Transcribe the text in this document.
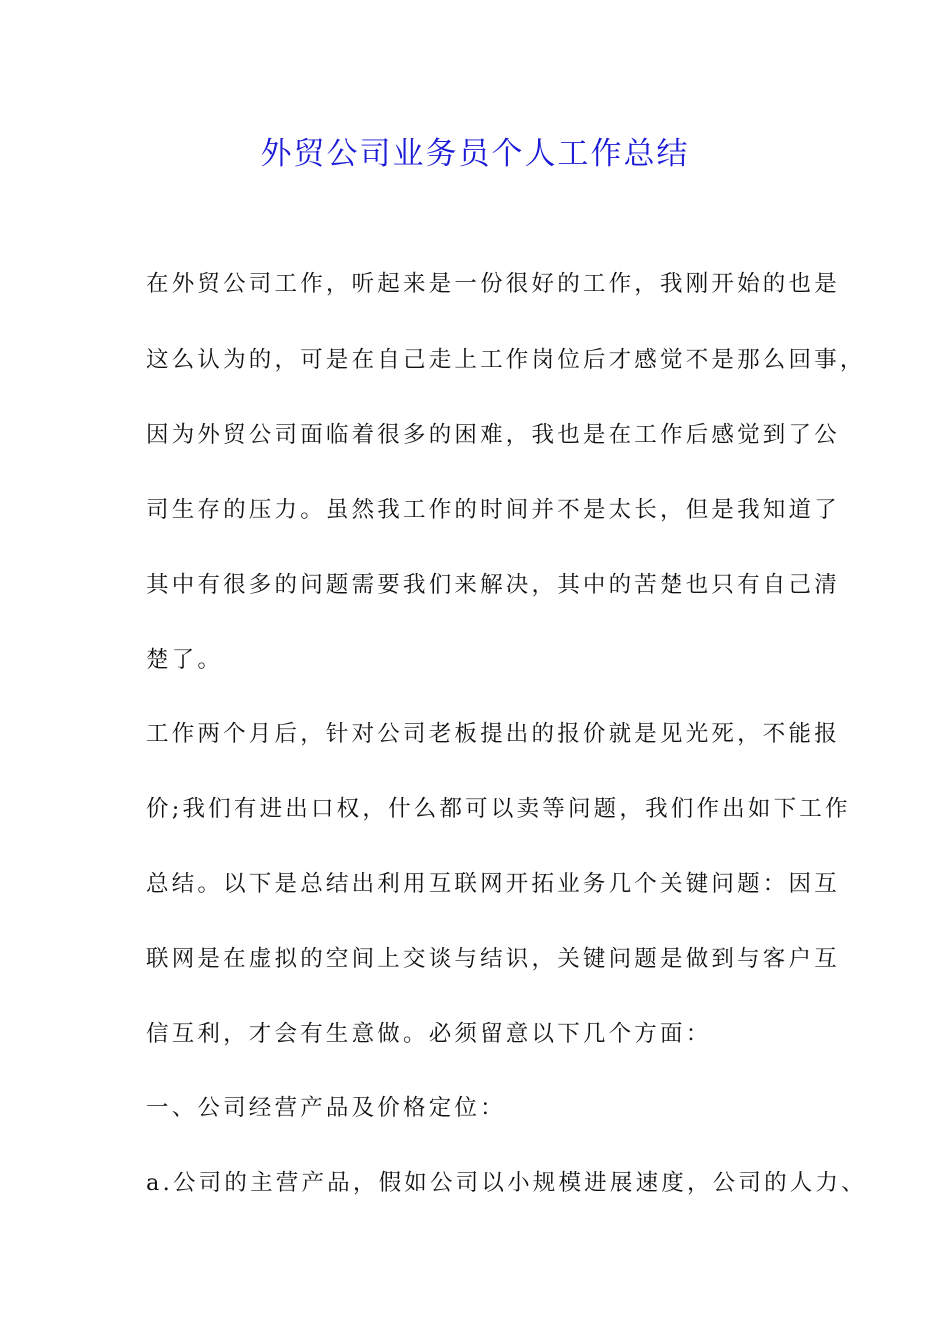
外贸公司业务员个人工作总结
在外贸公司工作，听起来是一份很好的工作，我刚开始的也是
这么认为的，可是在自己走上工作岗位后才感觉不是那么回事，
因为外贸公司面临着很多的困难，我也是在工作后感觉到了公
司生存的压力。虽然我工作的时间并不是太长，但是我知道了
其中有很多的问题需要我们来解决，其中的苦楚也只有自己清
楚了。
工作两个月后，针对公司老板提出的报价就是见光死，不能报
价;我们有进出口权，什么都可以卖等问题，我们作出如下工作
总结。以下是总结出利用互联网开拓业务几个关键问题：因互
联网是在虚拟的空间上交谈与结识，关键问题是做到与客户互
信互利，才会有生意做。必须留意以下几个方面：
一、公司经营产品及价格定位：
a.公司的主营产品，假如公司以小规模进展速度，公司的人力、
